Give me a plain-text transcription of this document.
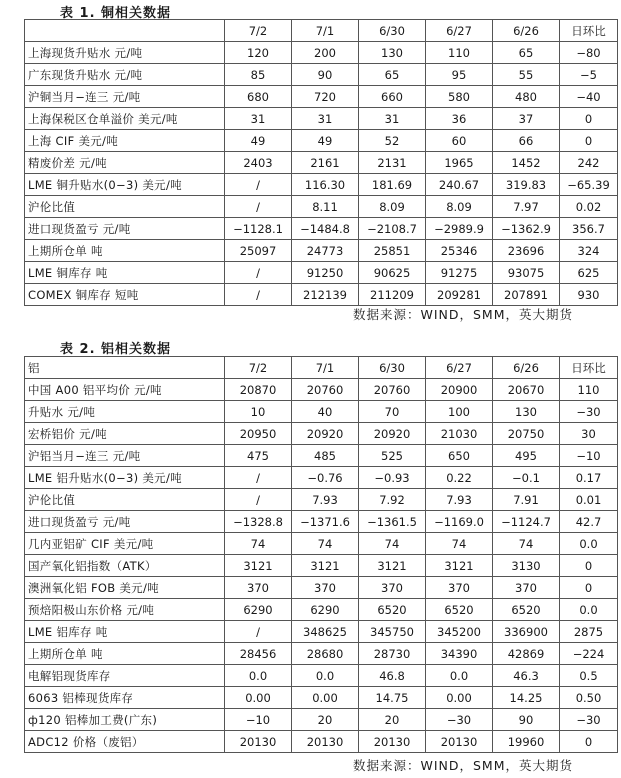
表 1. 铜相关数据
	7/2	7/1	6/30	6/27	6/26	日环比
上海现货升贴水 元/吨	120	200	130	110	65	−80
广东现货升贴水 元/吨	85	90	65	95	55	−5
沪铜当月−连三 元/吨	680	720	660	580	480	−40
上海保税区仓单溢价 美元/吨	31	31	31	36	37	0
上海 CIF 美元/吨	49	49	52	60	66	0
精废价差 元/吨	2403	2161	2131	1965	1452	242
LME 铜升贴水(0−3) 美元/吨	/	116.30	181.69	240.67	319.83	−65.39
沪伦比值	/	8.11	8.09	8.09	7.97	0.02
进口现货盈亏 元/吨	−1128.1	−1484.8	−2108.7	−2989.9	−1362.9	356.7
上期所仓单 吨	25097	24773	25851	25346	23696	324
LME 铜库存 吨	/	91250	90625	91275	93075	625
COMEX 铜库存 短吨	/	212139	211209	209281	207891	930
数据来源：WIND，SMM，英大期货
表 2. 铝相关数据
铝	7/2	7/1	6/30	6/27	6/26	日环比
中国 A00 铝平均价 元/吨	20870	20760	20760	20900	20670	110
升贴水 元/吨	10	40	70	100	130	−30
宏桥铝价 元/吨	20950	20920	20920	21030	20750	30
沪铝当月−连三 元/吨	475	485	525	650	495	−10
LME 铝升贴水(0−3) 美元/吨	/	−0.76	−0.93	0.22	−0.1	0.17
沪伦比值	/	7.93	7.92	7.93	7.91	0.01
进口现货盈亏 元/吨	−1328.8	−1371.6	−1361.5	−1169.0	−1124.7	42.7
几内亚铝矿 CIF 美元/吨	74	74	74	74	74	0.0
国产氧化铝指数（ATK）	3121	3121	3121	3121	3130	0
澳洲氧化铝 FOB 美元/吨	370	370	370	370	370	0
预焙阳极山东价格 元/吨	6290	6290	6520	6520	6520	0.0
LME 铝库存 吨	/	348625	345750	345200	336900	2875
上期所仓单 吨	28456	28680	28730	34390	42869	−224
电解铝现货库存	0.0	0.0	46.8	0.0	46.3	0.5
6063 铝棒现货库存	0.00	0.00	14.75	0.00	14.25	0.50
ф120 铝棒加工费(广东)	−10	20	20	−30	90	−30
ADC12 价格（废铝）	20130	20130	20130	20130	19960	0
数据来源：WIND，SMM，英大期货
